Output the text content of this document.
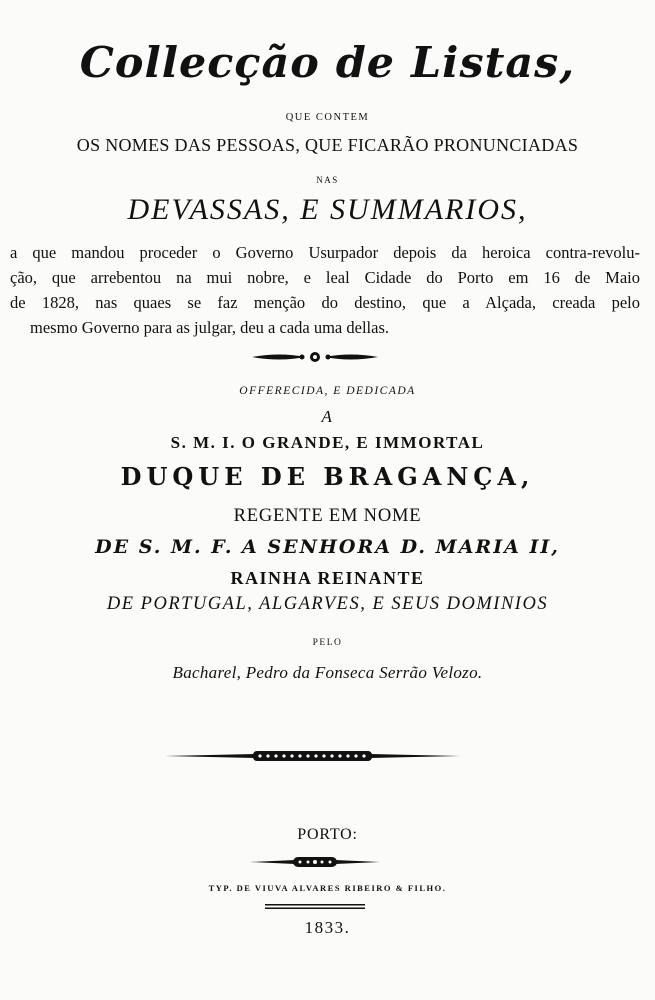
Collecção de Listas,
QUE CONTEM
OS NOMES DAS PESSOAS, QUE FICARÃO PRONUNCIADAS
NAS
DEVASSAS, E SUMMARIOS,
a que mandou proceder o Governo Usurpador depois da heroica contra-revolu-
ção, que arrebentou na mui nobre, e leal Cidade do Porto em 16 de Maio
de 1828, nas quaes se faz menção do destino, que a Alçada, creada pelo
mesmo Governo para as julgar, deu a cada uma dellas.
OFFERECIDA, E DEDICADA
A
S. M. I. O GRANDE, E IMMORTAL
DUQUE DE BRAGANÇA,
REGENTE EM NOME
DE S. M. F. A SENHORA D. MARIA II,
RAINHA REINANTE
DE PORTUGAL, ALGARVES, E SEUS DOMINIOS
PELO
Bacharel, Pedro da Fonseca Serrão Velozo.
PORTO:
TYP. DE VIUVA ALVARES RIBEIRO & FILHO.
1833.
